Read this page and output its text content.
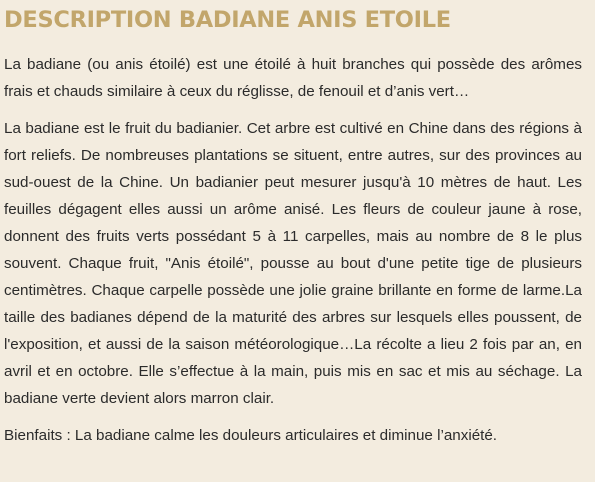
DESCRIPTION BADIANE ANIS ETOILE

La badiane (ou anis étoilé) est une étoilé à huit branches qui possède des arômes frais et chauds similaire à ceux du réglisse, de fenouil et d’anis vert…

La badiane est le fruit du badianier. Cet arbre est cultivé en Chine dans des régions à fort reliefs. De nombreuses plantations se situent, entre autres, sur des provinces au sud-ouest de la Chine. Un badianier peut mesurer jusqu'à 10 mètres de haut. Les feuilles dégagent elles aussi un arôme anisé. Les fleurs de couleur jaune à rose, donnent des fruits verts possédant 5 à 11 carpelles, mais au nombre de 8 le plus souvent. Chaque fruit, "Anis étoilé", pousse au bout d'une petite tige de plusieurs centimètres. Chaque carpelle possède une jolie graine brillante en forme de larme.La taille des badianes dépend de la maturité des arbres sur lesquels elles poussent, de l'exposition, et aussi de la saison météorologique…La récolte a lieu 2 fois par an, en avril et en octobre. Elle s’effectue à la main, puis mis en sac et mis au séchage. La badiane verte devient alors marron clair.

Bienfaits : La badiane calme les douleurs articulaires et diminue l’anxiété.
